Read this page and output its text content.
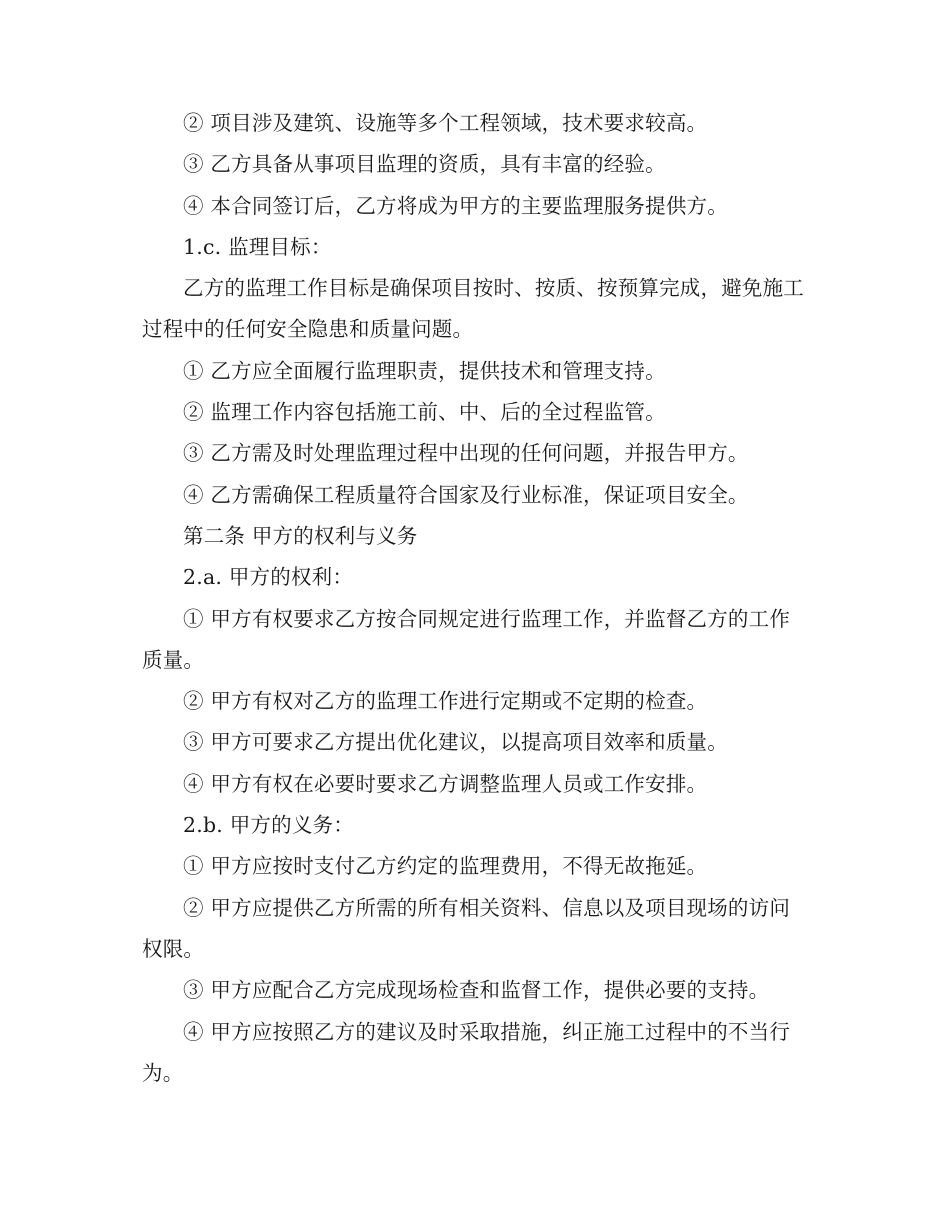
② 项目涉及建筑、设施等多个工程领域，技术要求较高。

③ 乙方具备从事项目监理的资质，具有丰富的经验。

④ 本合同签订后，乙方将成为甲方的主要监理服务提供方。

1.c. 监理目标：

乙方的监理工作目标是确保项目按时、按质、按预算完成，避免施工过程中的任何安全隐患和质量问题。

① 乙方应全面履行监理职责，提供技术和管理支持。

② 监理工作内容包括施工前、中、后的全过程监管。

③ 乙方需及时处理监理过程中出现的任何问题，并报告甲方。

④ 乙方需确保工程质量符合国家及行业标准，保证项目安全。

第二条 甲方的权利与义务

2.a. 甲方的权利：

① 甲方有权要求乙方按合同规定进行监理工作，并监督乙方的工作质量。

② 甲方有权对乙方的监理工作进行定期或不定期的检查。

③ 甲方可要求乙方提出优化建议，以提高项目效率和质量。

④ 甲方有权在必要时要求乙方调整监理人员或工作安排。

2.b. 甲方的义务：

① 甲方应按时支付乙方约定的监理费用，不得无故拖延。

② 甲方应提供乙方所需的所有相关资料、信息以及项目现场的访问权限。

③ 甲方应配合乙方完成现场检查和监督工作，提供必要的支持。

④ 甲方应按照乙方的建议及时采取措施，纠正施工过程中的不当行为。
